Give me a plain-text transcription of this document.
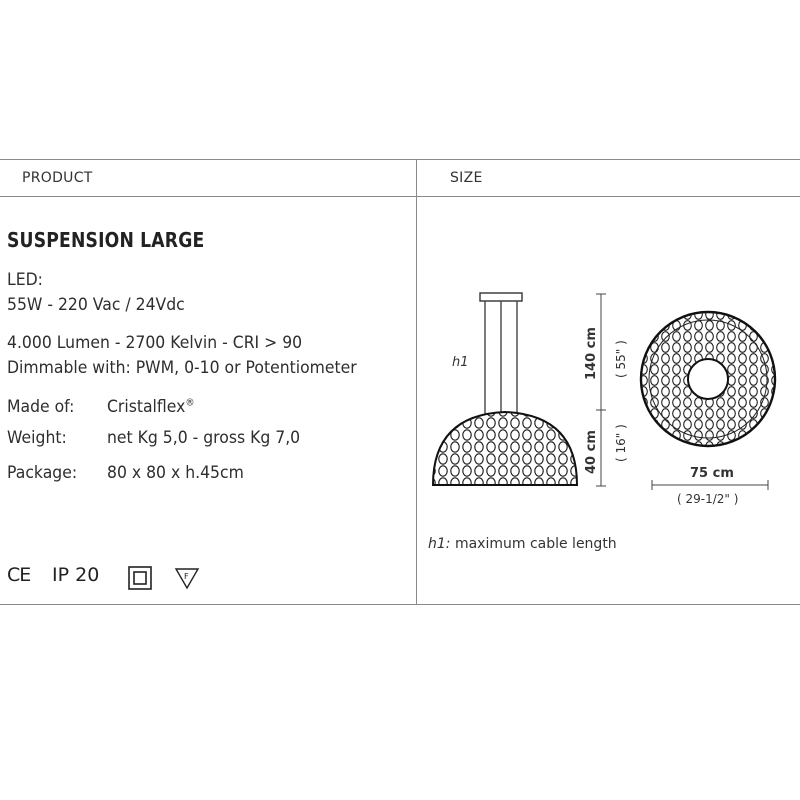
PRODUCT	SIZE
SUSPENSION LARGE
LED:
55W - 220 Vac / 24Vdc
4.000 Lumen - 2700 Kelvin - CRI > 90
Dimmable with: PWM, 0-10 or Potentiometer
Made of: Cristalflex®
Weight: net Kg 5,0 - gross Kg 7,0
Package: 80 x 80 x h.45cm
CE IP 20	F
h1	140 cm ( 55" )
40 cm ( 16" )
75 cm
( 29-1/2" )
h1: maximum cable length
